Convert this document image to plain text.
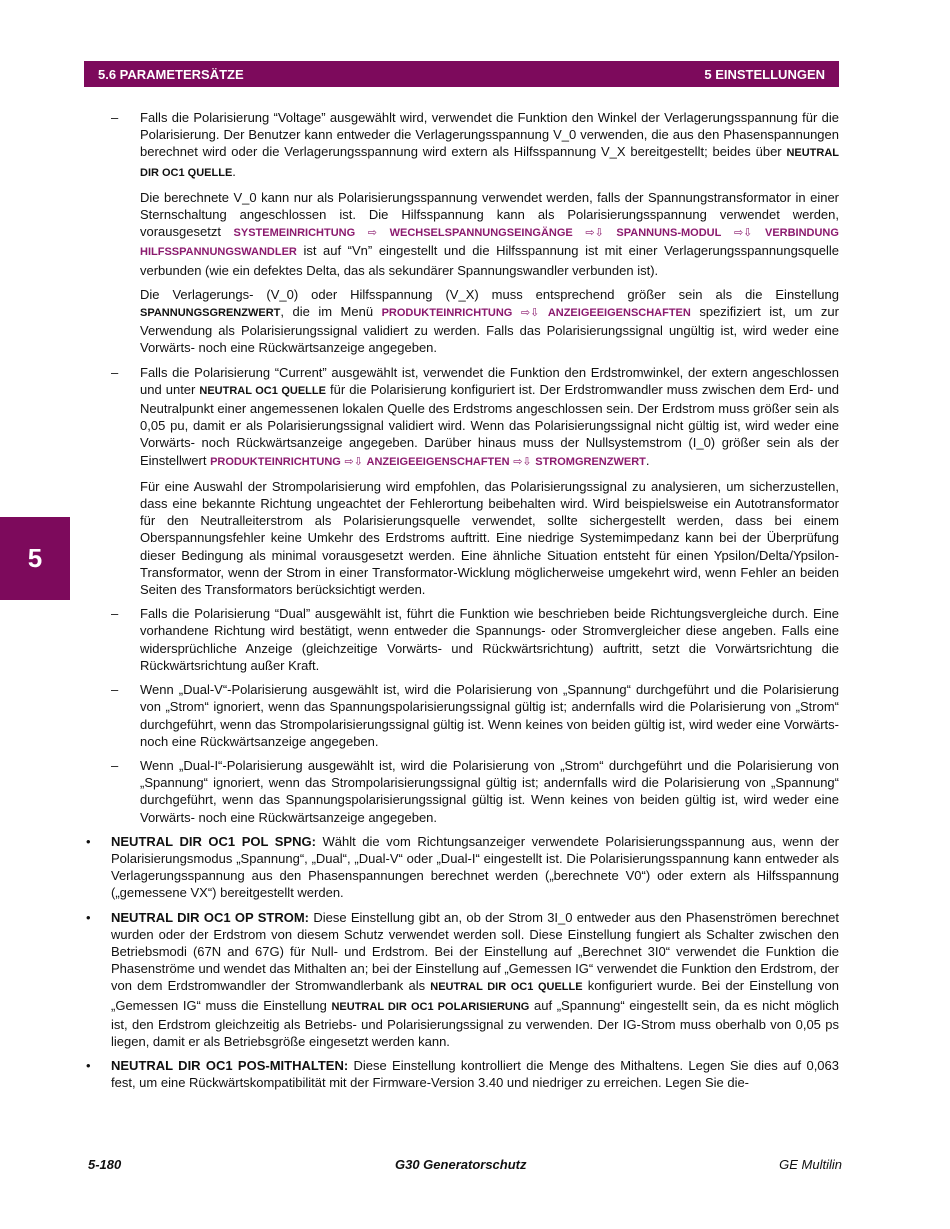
5.6 PARAMETERSÄTZE	5 EINSTELLUNGEN
5
– Falls die Polarisierung “Voltage” ausgewählt wird, verwendet die Funktion den Winkel der Verlagerungsspannung für die Polarisierung. Der Benutzer kann entweder die Verlagerungsspannung V_0 verwenden, die aus den Phasenspannungen berechnet wird oder die Verlagerungsspannung wird extern als Hilfsspannung V_X bereitgestellt; beides über NEUTRAL DIR OC1 QUELLE.
Die berechnete V_0 kann nur als Polarisierungsspannung verwendet werden, falls der Spannungstransformator in einer Sternschaltung angeschlossen ist. Die Hilfsspannung kann als Polarisierungsspannung verwendet werden, vorausgesetzt SYSTEMEINRICHTUNG ⇨ WECHSELSPANNUNGSEINGÄNGE ⇨⇩ SPANNUNS-MODUL ⇨⇩ VERBINDUNG HILFSSPANNUNGSWANDLER ist auf “Vn” eingestellt und die Hilfsspannung ist mit einer Verlagerungsspannungsquelle verbunden (wie ein defektes Delta, das als sekundärer Spannungswandler verbunden ist).
Die Verlagerungs- (V_0) oder Hilfsspannung (V_X) muss entsprechend größer sein als die Einstellung SPANNUNGSGRENZWERT, die im Menü PRODUKTEINRICHTUNG ⇨⇩ ANZEIGEEIGENSCHAFTEN spezifiziert ist, um zur Verwendung als Polarisierungssignal validiert zu werden. Falls das Polarisierungssignal ungültig ist, wird weder eine Vorwärts- noch eine Rückwärtsanzeige angegeben.
– Falls die Polarisierung “Current” ausgewählt ist, verwendet die Funktion den Erdstromwinkel, der extern angeschlossen und unter NEUTRAL OC1 QUELLE für die Polarisierung konfiguriert ist. Der Erdstromwandler muss zwischen dem Erd- und Neutralpunkt einer angemessenen lokalen Quelle des Erdstroms angeschlossen sein. Der Erdstrom muss größer sein als 0,05 pu, damit er als Polarisierungssignal validiert wird. Wenn das Polarisierungssignal nicht gültig ist, wird weder eine Vorwärts- noch Rückwärtsanzeige angegeben. Darüber hinaus muss der Nullsystemstrom (I_0) größer sein als der Einstellwert PRODUKTEINRICHTUNG ⇨⇩ ANZEIGEEIGENSCHAFTEN ⇨⇩ STROMGRENZWERT.
Für eine Auswahl der Strompolarisierung wird empfohlen, das Polarisierungssignal zu analysieren, um sicherzustellen, dass eine bekannte Richtung ungeachtet der Fehlerortung beibehalten wird. Wird beispielsweise ein Autotransformator für den Neutralleiterstrom als Polarisierungsquelle verwendet, sollte sichergestellt werden, dass bei einem Oberspannungsfehler keine Umkehr des Erdstroms auftritt. Eine niedrige Systemimpedanz kann bei der Überprüfung dieser Bedingung als minimal vorausgesetzt werden. Eine ähnliche Situation entsteht für einen Ypsilon/Delta/Ypsilon-Transformator, wenn der Strom in einer Transformator-Wicklung möglicherweise umgekehrt wird, wenn Fehler an beiden Seiten des Transformators berücksichtigt werden.
– Falls die Polarisierung “Dual” ausgewählt ist, führt die Funktion wie beschrieben beide Richtungsvergleiche durch. Eine vorhandene Richtung wird bestätigt, wenn entweder die Spannungs- oder Stromvergleicher diese angeben. Falls eine widersprüchliche Anzeige (gleichzeitige Vorwärts- und Rückwärtsrichtung) auftritt, setzt die Vorwärtsrichtung die Rückwärtsrichtung außer Kraft.
– Wenn „Dual-V“-Polarisierung ausgewählt ist, wird die Polarisierung von „Spannung“ durchgeführt und die Polarisierung von „Strom“ ignoriert, wenn das Spannungspolarisierungssignal gültig ist; andernfalls wird die Polarisierung von „Strom“ durchgeführt, wenn das Strompolarisierungssignal gültig ist. Wenn keines von beiden gültig ist, wird weder eine Vorwärts- noch eine Rückwärtsanzeige angegeben.
– Wenn „Dual-I“-Polarisierung ausgewählt ist, wird die Polarisierung von „Strom“ durchgeführt und die Polarisierung von „Spannung“ ignoriert, wenn das Strompolarisierungssignal gültig ist; andernfalls wird die Polarisierung von „Spannung“ durchgeführt, wenn das Spannungspolarisierungssignal gültig ist. Wenn keines von beiden gültig ist, wird weder eine Vorwärts- noch eine Rückwärtsanzeige angegeben.
• NEUTRAL DIR OC1 POL SPNG: Wählt die vom Richtungsanzeiger verwendete Polarisierungsspannung aus, wenn der Polarisierungsmodus „Spannung“, „Dual“, „Dual-V“ oder „Dual-I“ eingestellt ist. Die Polarisierungsspannung kann entweder als Verlagerungsspannung aus den Phasenspannungen berechnet werden („berechnete V0“) oder extern als Hilfsspannung („gemessene VX“) bereitgestellt werden.
• NEUTRAL DIR OC1 OP STROM: Diese Einstellung gibt an, ob der Strom 3I_0 entweder aus den Phasenströmen berechnet wurden oder der Erdstrom von diesem Schutz verwendet werden soll. Diese Einstellung fungiert als Schalter zwischen den Betriebsmodi (67N and 67G) für Null- und Erdstrom. Bei der Einstellung auf „Berechnet 3I0“ verwendet die Funktion die Phasenströme und wendet das Mithalten an; bei der Einstellung auf „Gemessen IG“ verwendet die Funktion den Erdstrom, der von dem Erdstromwandler der Stromwandlerbank als NEUTRAL DIR OC1 QUELLE konfiguriert wurde. Bei der Einstellung von „Gemessen IG“ muss die Einstellung NEUTRAL DIR OC1 POLARISIERUNG auf „Spannung“ eingestellt sein, da es nicht möglich ist, den Erdstrom gleichzeitig als Betriebs- und Polarisierungssignal zu verwenden. Der IG-Strom muss oberhalb von 0,05 ps liegen, damit er als Betriebsgröße eingesetzt werden kann.
• NEUTRAL DIR OC1 POS-MITHALTEN: Diese Einstellung kontrolliert die Menge des Mithaltens. Legen Sie dies auf 0,063 fest, um eine Rückwärtskompatibilität mit der Firmware-Version 3.40 und niedriger zu erreichen. Legen Sie die-
5-180	G30 Generatorschutz	GE Multilin
